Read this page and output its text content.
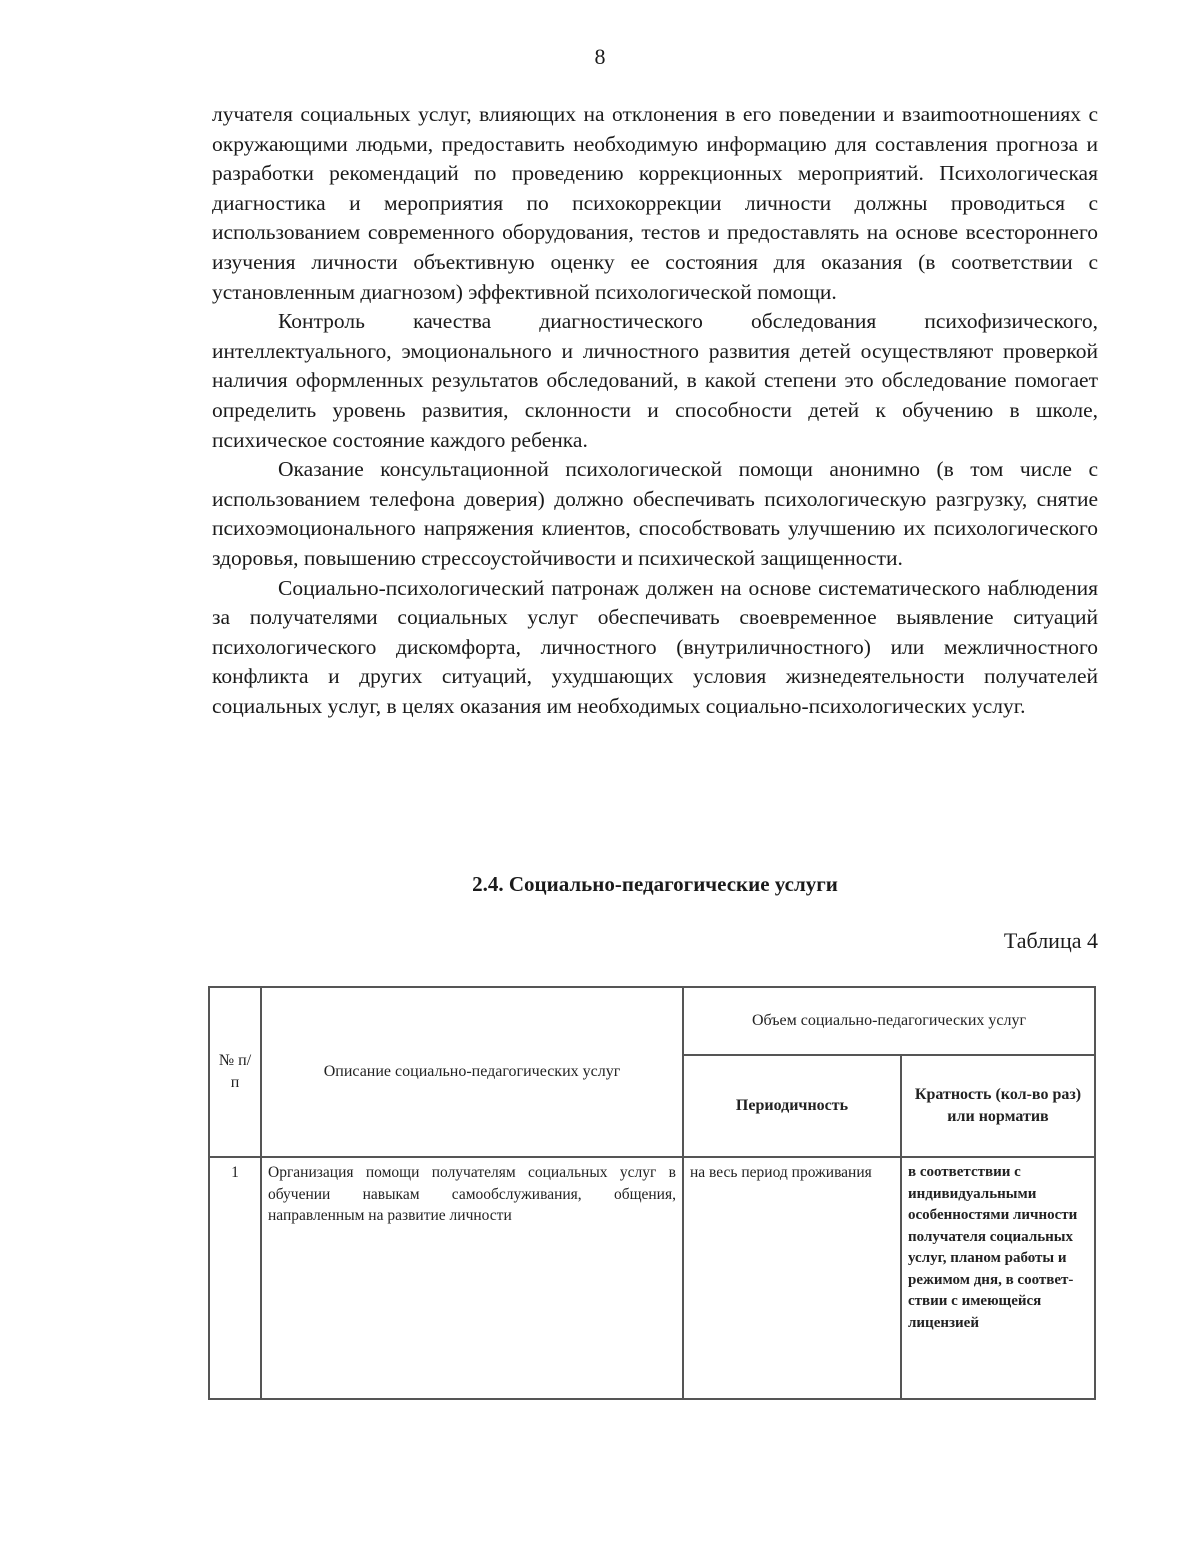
8

лучателя социальных услуг, влияющих на отклонения в его поведении и взаиmоотношениях с окружающими людьми, предоставить необходимую информацию для составления прогноза и разработки рекомендаций по проведению коррекционных мероприятий. Психологическая диагностика и мероприятия по психокоррекции личности должны проводиться с использованием современного оборудования, тестов и предоставлять на основе всестороннего изучения личности объективную оценку ее состояния для оказания (в соответствии с установленным диагнозом) эффективной психологической помощи.

Контроль качества диагностического обследования психофизического, интеллектуального, эмоционального и личностного развития детей осуществляют проверкой наличия оформленных результатов обследований, в какой степени это обследование помогает определить уровень развития, склонности и способности детей к обучению в школе, психическое состояние каждого ребенка.

Оказание консультационной психологической помощи анонимно (в том числе с использованием телефона доверия) должно обеспечивать психологическую разгрузку, снятие психоэмоционального напряжения клиентов, способствовать улучшению их психологического здоровья, повышению стрессоустойчивости и психической защищенности.

Социально-психологический патронаж должен на основе систематического наблюдения за получателями социальных услуг обеспечивать своевременное выявление ситуаций психологического дискомфорта, личностного (внутриличностного) или межличностного конфликта и других ситуаций, ухудшающих условия жизнедеятельности получателей социальных услуг, в целях оказания им необходимых социально-психологических услуг.

2.4. Социально-педагогические услуги
Таблица 4
№ п/п	Описание социально-педагогических услуг	Объем социально-педагогических услуг	
		Периодичность	Кратность (кол-во раз) или норматив
1	Организация помощи получателям социальных услуг в обучении навыкам самообслуживания, общения, направленным на развитие личности	на весь период проживания	в соответствии с индивидуальными особенностями личности получателя социальных услуг, планом работы и режимом дня, в соответствии с имеющейся лицензией
